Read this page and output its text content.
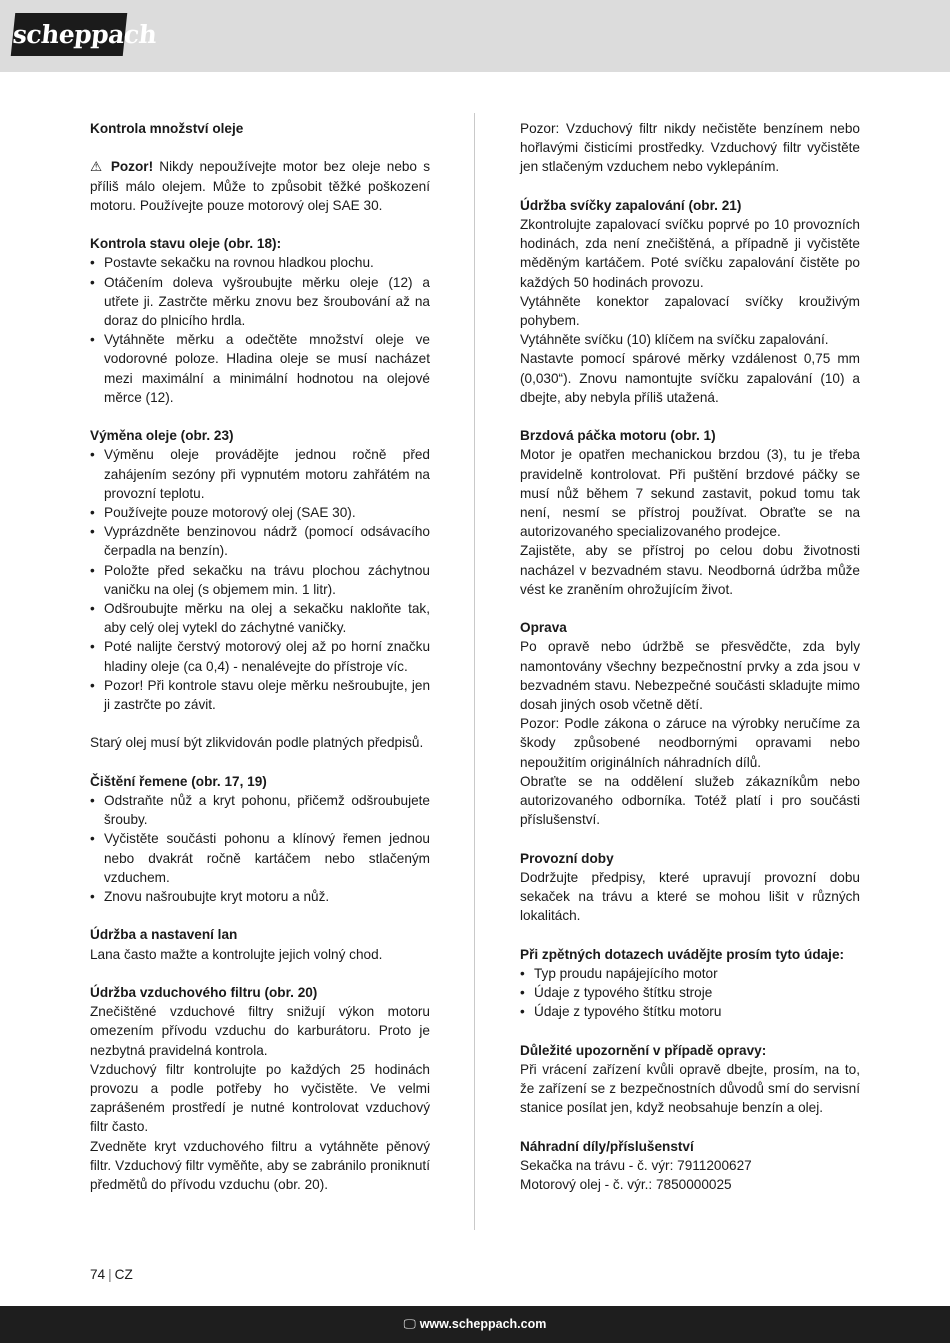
scheppach
Kontrola množství oleje

⚠ Pozor! Nikdy nepoužívejte motor bez oleje nebo s příliš málo olejem. Může to způsobit těžké poškození motoru. Používejte pouze motorový olej SAE 30.

Kontrola stavu oleje (obr. 18):
• Postavte sekačku na rovnou hladkou plochu.
• Otáčením doleva vyšroubujte měrku oleje (12) a utřete ji. Zastrčte měrku znovu bez šroubování až na doraz do plnicího hrdla.
• Vytáhněte měrku a odečtěte množství oleje ve vodorovné poloze. Hladina oleje se musí nacházet mezi maximální a minimální hodnotou na olejové měrce (12).
Výměna oleje (obr. 23)
• Výměnu oleje provádějte jednou ročně před zahájením sezóny při vypnutém motoru zahřátém na provozní teplotu.
• Používejte pouze motorový olej (SAE 30).
• Vyprázdněte benzinovou nádrž (pomocí odsávacího čerpadla na benzín).
• Položte před sekačku na trávu plochou záchytnou vaničku na olej (s objemem min. 1 litr).
• Odšroubujte měrku na olej a sekačku nakloňte tak, aby celý olej vytekl do záchytné vaničky.
• Poté nalijte čerstvý motorový olej až po horní značku hladiny oleje (ca 0,4) - nenalévejte do přístroje víc.
• Pozor! Při kontrole stavu oleje měrku nešroubujte, jen ji zastrčte po závit.

Starý olej musí být zlikvidován podle platných předpisů.

Čištění řemene (obr. 17, 19)
• Odstraňte nůž a kryt pohonu, přičemž odšroubujete šrouby.
• Vyčistěte součásti pohonu a klínový řemen jednou nebo dvakrát ročně kartáčem nebo stlačeným vzduchem.
• Znovu našroubujte kryt motoru a nůž.
Údržba a nastavení lan

Lana často mažte a kontrolujte jejich volný chod.

Údržba vzduchového filtru (obr. 20)

Znečištěné vzduchové filtry snižují výkon motoru omezením přívodu vzduchu do karburátoru. Proto je nezbytná pravidelná kontrola.

Vzduchový filtr kontrolujte po každých 25 hodinách provozu a podle potřeby ho vyčistěte. Ve velmi zaprášeném prostředí je nutné kontrolovat vzduchový filtr často.

Zvedněte kryt vzduchového filtru a vytáhněte pěnový filtr. Vzduchový filtr vyměňte, aby se zabránilo proniknutí předmětů do přívodu vzduchu (obr. 20).

Pozor: Vzduchový filtr nikdy nečistěte benzínem nebo hořlavými čisticími prostředky. Vzduchový filtr vyčistěte jen stlačeným vzduchem nebo vyklepáním.

Údržba svíčky zapalování (obr. 21)

Zkontrolujte zapalovací svíčku poprvé po 10 provozních hodinách, zda není znečištěná, a případně ji vyčistěte měděným kartáčem. Poté svíčku zapalování čistěte po každých 50 hodinách provozu.

Vytáhněte konektor zapalovací svíčky krouživým pohybem.

Vytáhněte svíčku (10) klíčem na svíčku zapalování.

Nastavte pomocí spárové měrky vzdálenost 0,75 mm (0,030“). Znovu namontujte svíčku zapalování (10) a dbejte, aby nebyla příliš utažená.

Brzdová páčka motoru (obr. 1)

Motor je opatřen mechanickou brzdou (3), tu je třeba pravidelně kontrolovat. Při puštění brzdové páčky se musí nůž během 7 sekund zastavit, pokud tomu tak není, nesmí se přístroj používat. Obraťte se na autorizovaného specializovaného prodejce.

Zajistěte, aby se přístroj po celou dobu životnosti nacházel v bezvadném stavu. Neodborná údržba může vést ke zraněním ohrožujícím život.

Oprava

Po opravě nebo údržbě se přesvědčte, zda byly namontovány všechny bezpečnostní prvky a zda jsou v bezvadném stavu. Nebezpečné součásti skladujte mimo dosah jiných osob včetně dětí.

Pozor: Podle zákona o záruce na výrobky neručíme za škody způsobené neodbornými opravami nebo nepoužitím originálních náhradních dílů.

Obraťte se na oddělení služeb zákazníkům nebo autorizovaného odborníka. Totéž platí i pro součásti příslušenství.

Provozní doby

Dodržujte předpisy, které upravují provozní dobu sekaček na trávu a které se mohou lišit v různých lokalitách.

Při zpětných dotazech uvádějte prosím tyto údaje:
• Typ proudu napájejícího motor
• Údaje z typového štítku stroje
• Údaje z typového štítku motoru
Důležité upozornění v případě opravy:

Při vrácení zařízení kvůli opravě dbejte, prosím, na to, že zařízení se z bezpečnostních důvodů smí do servisní stanice posílat jen, když neobsahuje benzín a olej.

Náhradní díly/příslušenství

Sekačka na trávu - č. výr: 7911200627

Motorový olej - č. výr.: 7850000025

74 | CZ
🖵 www.scheppach.com
